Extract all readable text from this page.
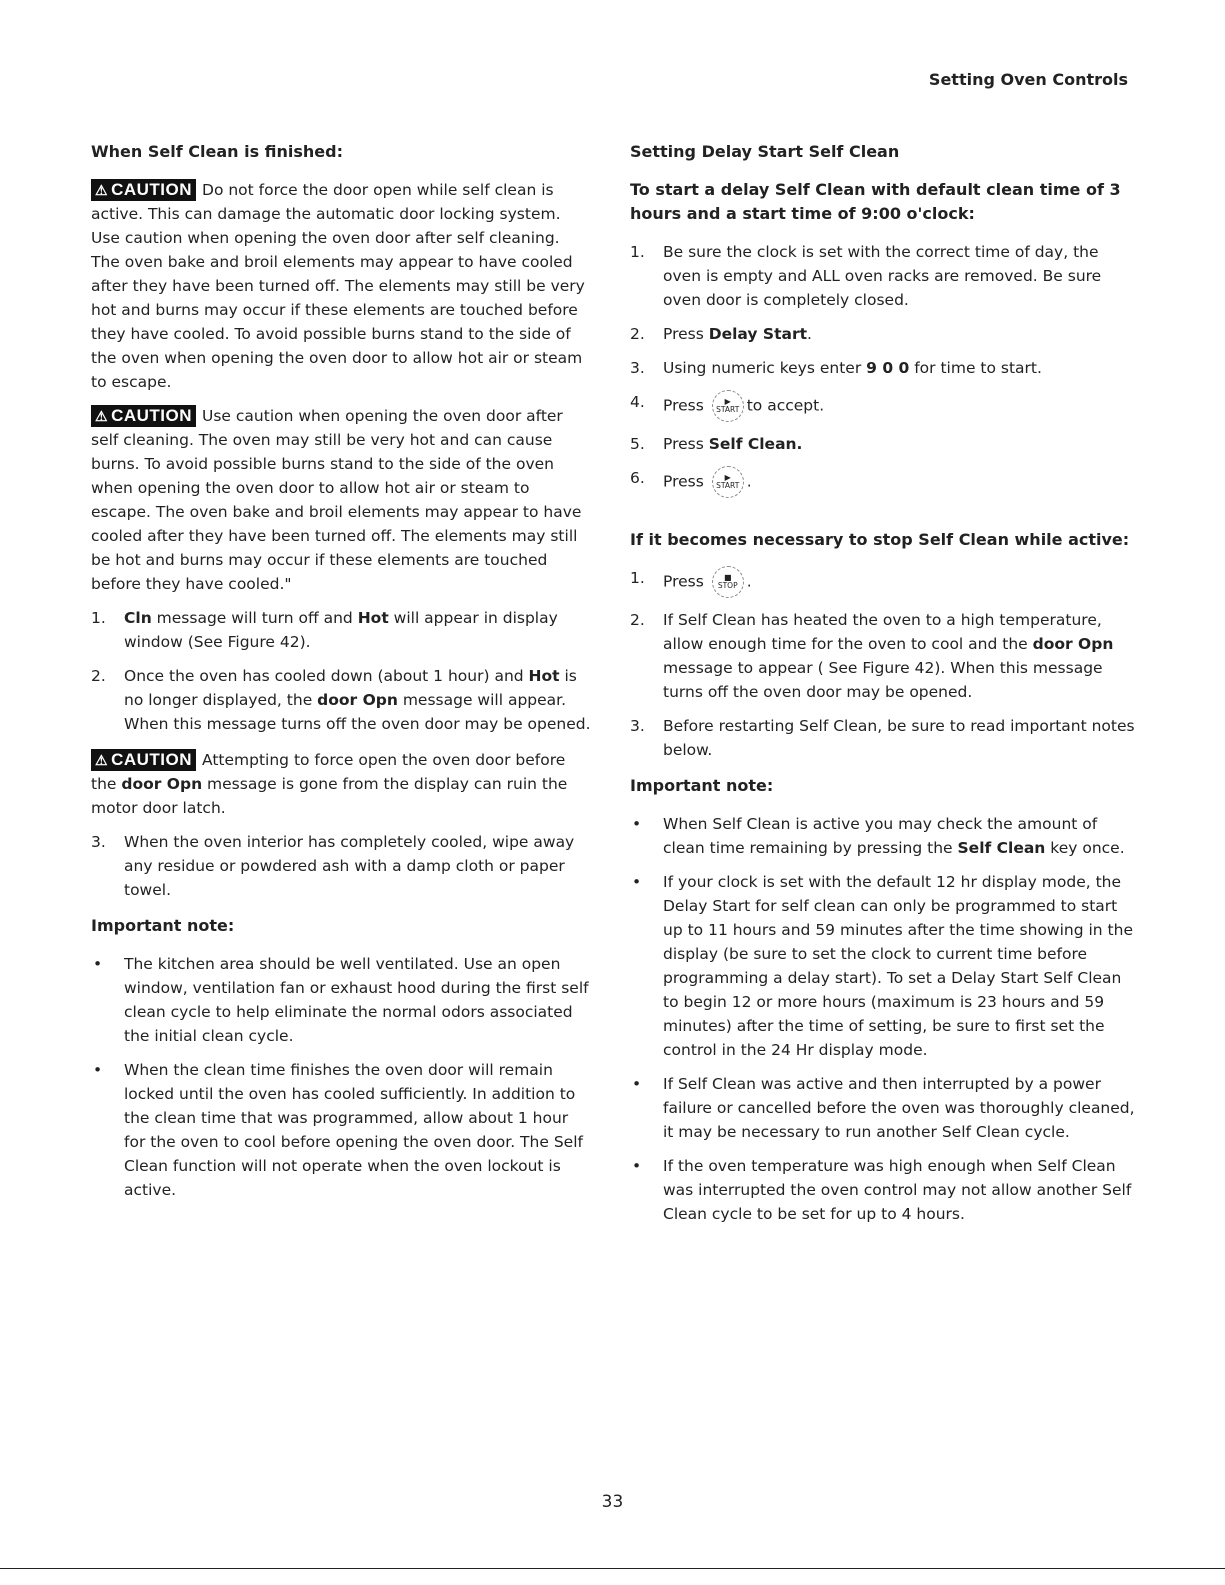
Setting Oven Controls
When Self Clean is finished:

⚠ CAUTION Do not force the door open while self clean is active. This can damage the automatic door locking system. Use caution when opening the oven door after self cleaning. The oven bake and broil elements may appear to have cooled after they have been turned off. The elements may still be very hot and burns may occur if these elements are touched before they have cooled. To avoid possible burns stand to the side of the oven when opening the oven door to allow hot air or steam to escape.

⚠ CAUTION Use caution when opening the oven door after self cleaning. The oven may still be very hot and can cause burns. To avoid possible burns stand to the side of the oven when opening the oven door to allow hot air or steam to escape. The oven bake and broil elements may appear to have cooled after they have been turned off. The elements may still be hot and burns may occur if these elements are touched before they have cooled."

1. Cln message will turn off and Hot will appear in display window (See Figure 42).
2. Once the oven has cooled down (about 1 hour) and Hot is no longer displayed, the door Opn message will appear. When this message turns off the oven door may be opened.

⚠ CAUTION Attempting to force open the oven door before the door Opn message is gone from the display can ruin the motor door latch.

3. When the oven interior has completely cooled, wipe away any residue or powdered ash with a damp cloth or paper towel.
Important note:
• The kitchen area should be well ventilated. Use an open window, ventilation fan or exhaust hood during the first self clean cycle to help eliminate the normal odors associated the initial clean cycle.
• When the clean time finishes the oven door will remain locked until the oven has cooled sufficiently. In addition to the clean time that was programmed, allow about 1 hour for the oven to cool before opening the oven door. The Self Clean function will not operate when the oven lockout is active.
Setting Delay Start Self Clean
To start a delay Self Clean with default clean time of 3 hours and a start time of 9:00 o'clock:
1. Be sure the clock is set with the correct time of day, the oven is empty and ALL oven racks are removed. Be sure oven door is completely closed.
2. Press Delay Start.
3. Using numeric keys enter 9 0 0 for time to start.
4. Press	▶
START to accept.
5. Press Self Clean.
6. Press	▶
START .
If it becomes necessary to stop Self Clean while active:
1. Press	■
STOP .
2. If Self Clean has heated the oven to a high temperature, allow enough time for the oven to cool and the door Opn message to appear ( See Figure 42). When this message turns off the oven door may be opened.
3. Before restarting Self Clean, be sure to read important notes below.
Important note:
• When Self Clean is active you may check the amount of clean time remaining by pressing the Self Clean key once.
• If your clock is set with the default 12 hr display mode, the Delay Start for self clean can only be programmed to start up to 11 hours and 59 minutes after the time showing in the display (be sure to set the clock to current time before programming a delay start). To set a Delay Start Self Clean to begin 12 or more hours (maximum is 23 hours and 59 minutes) after the time of setting, be sure to first set the control in the 24 Hr display mode.
• If Self Clean was active and then interrupted by a power failure or cancelled before the oven was thoroughly cleaned, it may be necessary to run another Self Clean cycle.
• If the oven temperature was high enough when Self Clean was interrupted the oven control may not allow another Self Clean cycle to be set for up to 4 hours.
33
